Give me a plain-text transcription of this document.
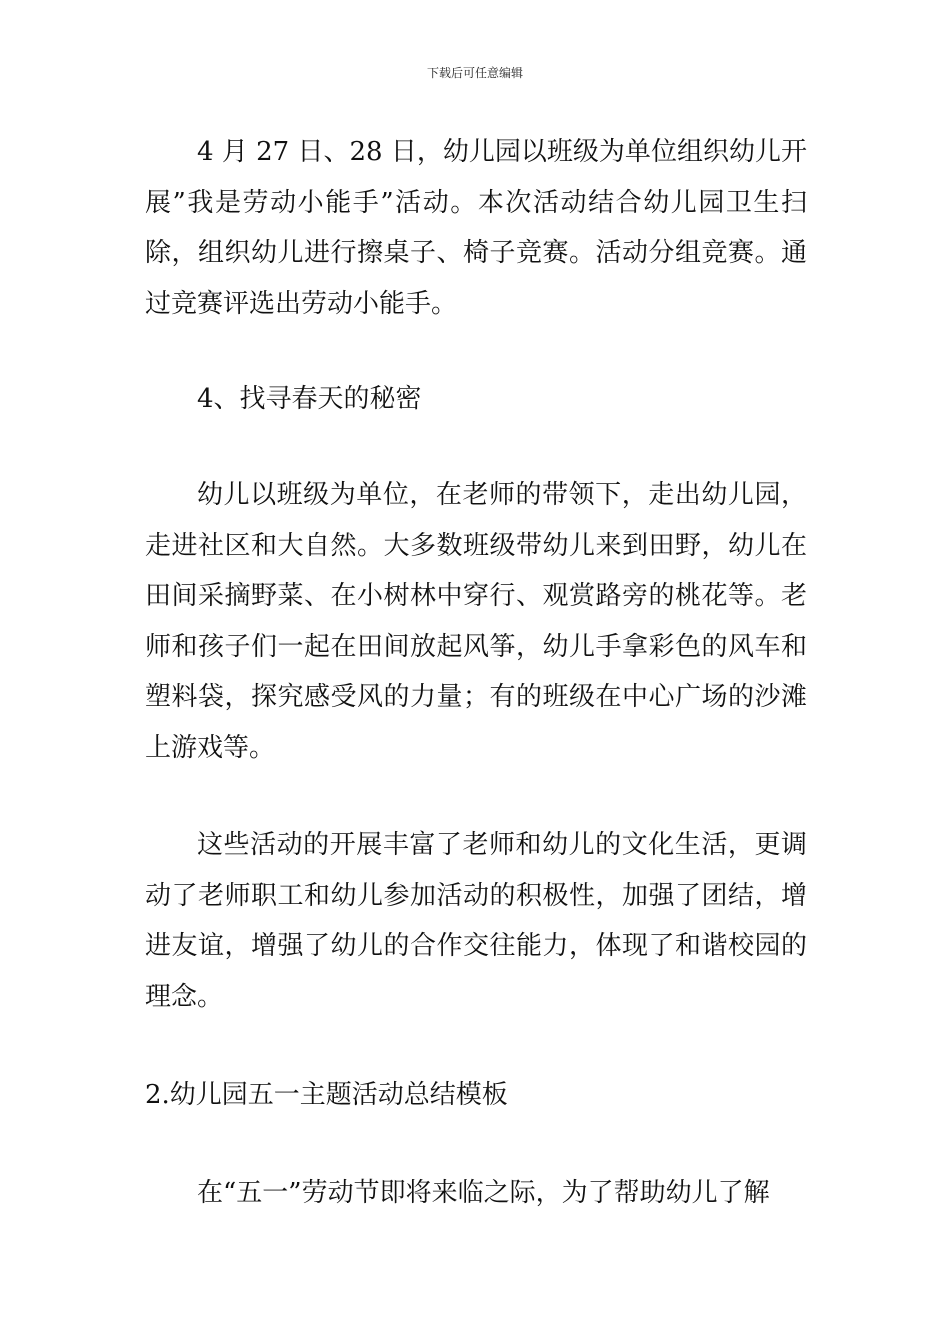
下载后可任意编辑

4 月 27 日、28 日，幼儿园以班级为单位组织幼儿开展”我是劳动小能手”活动。本次活动结合幼儿园卫生扫除，组织幼儿进行擦桌子、椅子竞赛。活动分组竞赛。通过竞赛评选出劳动小能手。

4、找寻春天的秘密

幼儿以班级为单位，在老师的带领下，走出幼儿园，走进社区和大自然。大多数班级带幼儿来到田野，幼儿在田间采摘野菜、在小树林中穿行、观赏路旁的桃花等。老师和孩子们一起在田间放起风筝，幼儿手拿彩色的风车和塑料袋，探究感受风的力量；有的班级在中心广场的沙滩上游戏等。

这些活动的开展丰富了老师和幼儿的文化生活，更调动了老师职工和幼儿参加活动的积极性，加强了团结，增进友谊，增强了幼儿的合作交往能力，体现了和谐校园的理念。

2.幼儿园五一主题活动总结模板

在“五一”劳动节即将来临之际，为了帮助幼儿了解
